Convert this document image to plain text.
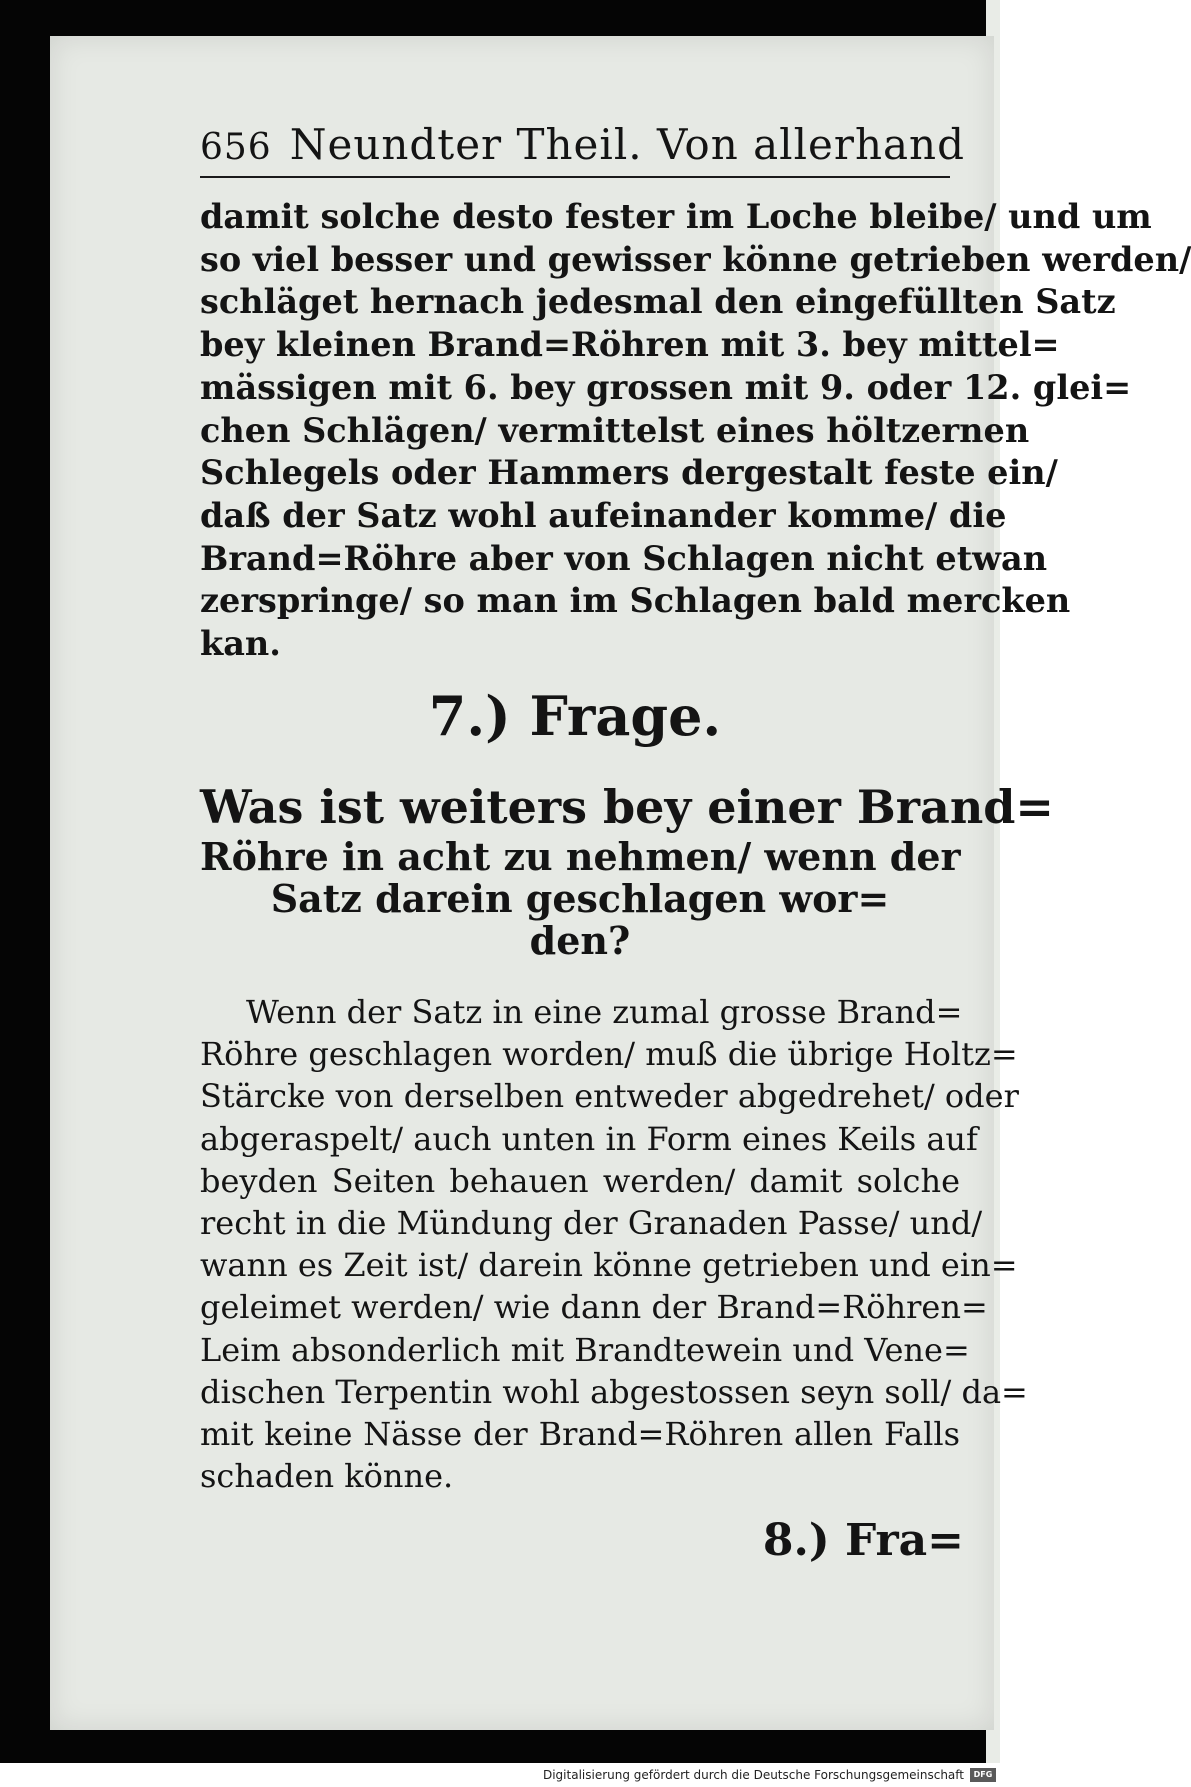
656 Neundter Theil. Von allerhand
damit solche desto fester im Loche bleibe/ und um
so viel besser und gewisser könne getrieben werden/
schläget hernach jedesmal den eingefüllten Satz
bey kleinen Brand=Röhren mit 3. bey mittel=
mässigen mit 6. bey grossen mit 9. oder 12. glei=
chen Schlägen/ vermittelst eines höltzernen
Schlegels oder Hammers dergestalt feste ein/
daß der Satz wohl aufeinander komme/ die
Brand=Röhre aber von Schlagen nicht etwan
zerspringe/ so man im Schlagen bald mercken
kan.
7.) Frage.
Was ist weiters bey einer Brand=
Röhre in acht zu nehmen/ wenn der
Satz darein geschlagen wor=
den?
Wenn der Satz in eine zumal grosse Brand=
Röhre geschlagen worden/ muß die übrige Holtz=
Stärcke von derselben entweder abgedrehet/ oder
abgeraspelt/ auch unten in Form eines Keils auf
beyden Seiten behauen werden/ damit solche
recht in die Mündung der Granaden Passe/ und/
wann es Zeit ist/ darein könne getrieben und ein=
geleimet werden/ wie dann der Brand=Röhren=
Leim absonderlich mit Brandtewein und Vene=
dischen Terpentin wohl abgestossen seyn soll/ da=
mit keine Nässe der Brand=Röhren allen Falls
schaden könne.
8.) Fra=
Digitalisierung gefördert durch die Deutsche Forschungsgemeinschaft	DFG
